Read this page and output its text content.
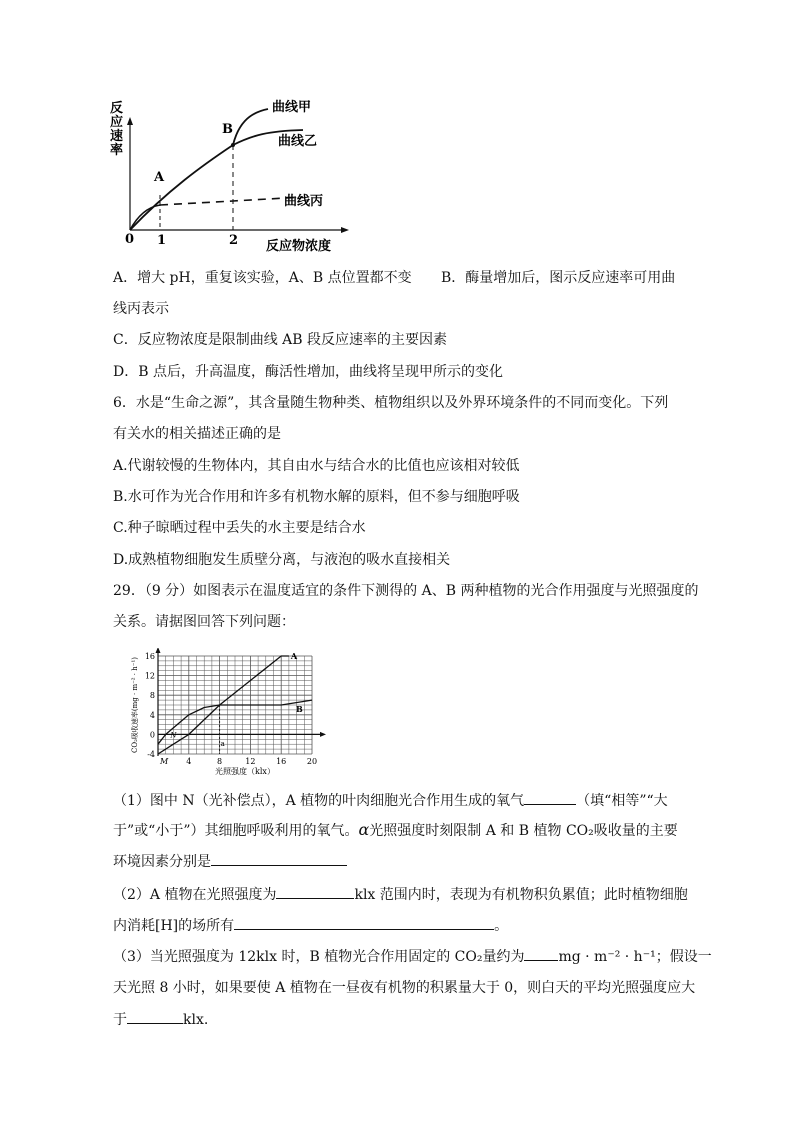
反
应
速
率
A
B
曲线甲
曲线乙
曲线丙
0 1	2 反应物浓度
A．增大 pH，重复该实验，A、B 点位置都不变 B．酶量增加后，图示反应速率可用曲
线丙表示
C．反应物浓度是限制曲线 AB 段反应速率的主要因素
D．B 点后，升高温度，酶活性增加，曲线将呈现甲所示的变化
6．水是“生命之源”，其含量随生物种类、植物组织以及外界环境条件的不同而变化。下列
有关水的相关描述正确的是
A.代谢较慢的生物体内，其自由水与结合水的比值也应该相对较低
B.水可作为光合作用和许多有机物水解的原料，但不参与细胞呼吸
C.种子晾晒过程中丢失的水主要是结合水
D.成熟植物细胞发生质壁分离，与液泡的吸水直接相关
29．（9 分）如图表示在温度适宜的条件下测得的 A、B 两种植物的光合作用强度与光照强度的
关系。请据图回答下列问题：
16
12
8
4
0
-4
4	8	12	16	20
M
光照强度（klx）
CO₂吸收速率(mg · m⁻² · h⁻¹)
A
B
N
a
（1）图中 N（光补偿点），A 植物的叶肉细胞光合作用生成的氧气	（填“相等”“大
于”或“小于”）其细胞呼吸利用的氧气。α光照强度时刻限制 A 和 B 植物 CO₂吸收量的主要
环境因素分别是
（2）A 植物在光照强度为	klx 范围内时，表现为有机物积负累值；此时植物细胞
内消耗[H]的场所有	。
（3）当光照强度为 12klx 时，B 植物光合作用固定的 CO₂量约为 mg · m⁻² · h⁻¹；假设一
天光照 8 小时，如果要使 A 植物在一昼夜有机物的积累量大于 0，则白天的平均光照强度应大
于	klx.
